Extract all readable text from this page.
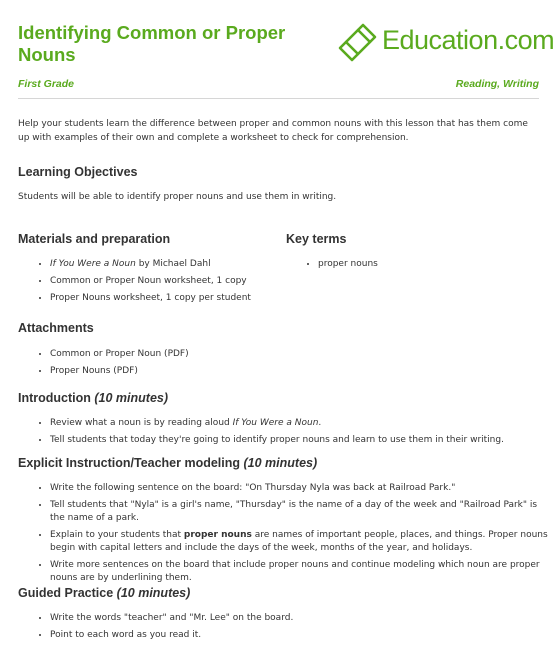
Identifying Common or Proper Nouns	Education.com
First Grade	Reading, Writing

Help your students learn the difference between proper and common nouns with this lesson that has them come up with examples of their own and complete a worksheet to check for comprehension.

Learning Objectives

Students will be able to identify proper nouns and use them in writing.

Materials and preparation
• If You Were a Noun by Michael Dahl
• Common or Proper Noun worksheet, 1 copy
• Proper Nouns worksheet, 1 copy per student
Key terms
• proper nouns
Attachments
• Common or Proper Noun (PDF)
• Proper Nouns (PDF)
Introduction (10 minutes)
• Review what a noun is by reading aloud If You Were a Noun.
• Tell students that today they're going to identify proper nouns and learn to use them in their writing.
Explicit Instruction/Teacher modeling (10 minutes)
• Write the following sentence on the board: "On Thursday Nyla was back at Railroad Park."
• Tell students that "Nyla" is a girl's name, "Thursday" is the name of a day of the week and "Railroad Park" is the name of a park.
• Explain to your students that proper nouns are names of important people, places, and things. Proper nouns begin with capital letters and include the days of the week, months of the year, and holidays.
• Write more sentences on the board that include proper nouns and continue modeling which noun are proper nouns are by underlining them.
Guided Practice (10 minutes)
• Write the words "teacher" and "Mr. Lee" on the board.
• Point to each word as you read it.
